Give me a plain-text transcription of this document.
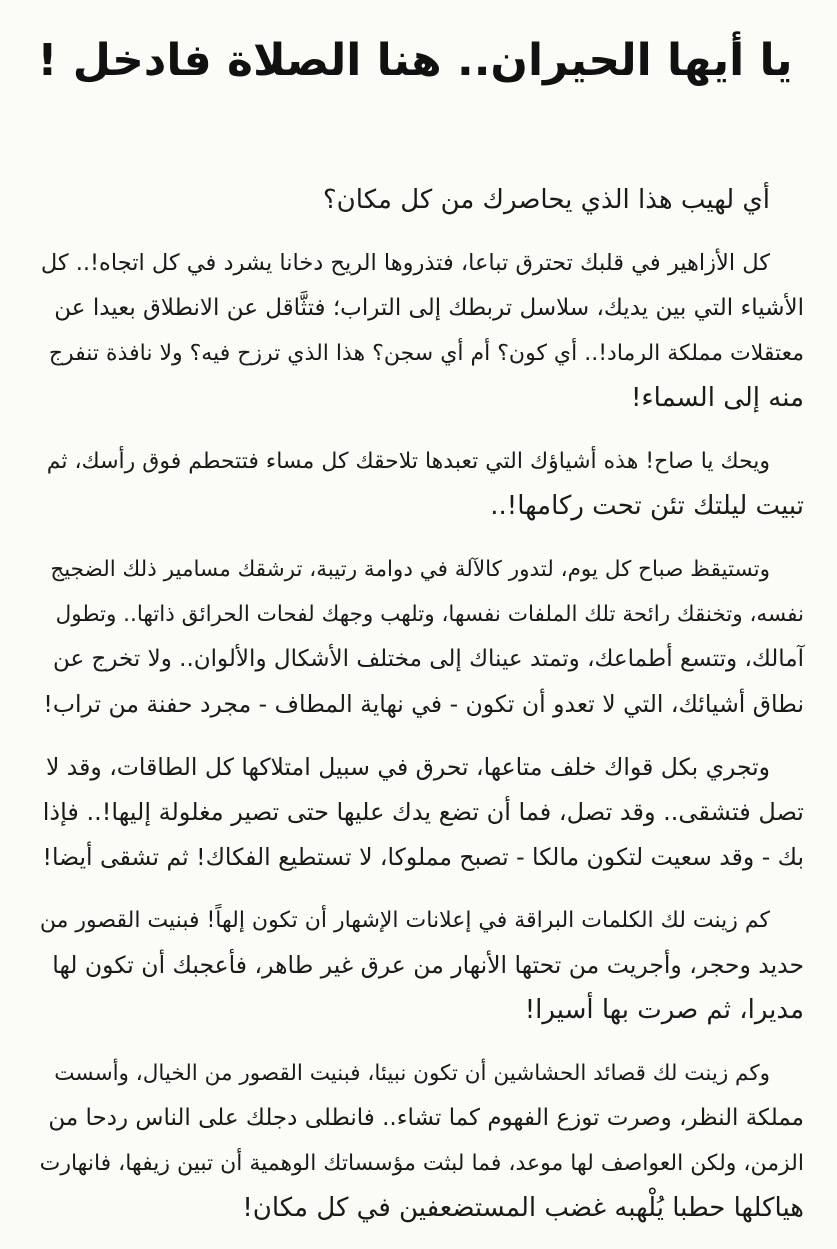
يا أيها الحيران.. هنا الصلاة فادخل !

أي لهيب هذا الذي يحاصرك من كل مكان؟

كل الأزاهير في قلبك تحترق تباعا، فتذروها الريح دخانا يشرد في كل اتجاه!.. كل
الأشياء التي بين يديك، سلاسل تربطك إلى التراب؛ فتثَّاقل عن الانطلاق بعيدا عن
معتقلات مملكة الرماد!.. أي كون؟ أم أي سجن؟ هذا الذي ترزح فيه؟ ولا نافذة تنفرج
منه إلى السماء!

ويحك يا صاح! هذه أشياؤك التي تعبدها تلاحقك كل مساء فتتحطم فوق رأسك، ثم
تبيت ليلتك تئن تحت ركامها!..

وتستيقظ صباح كل يوم، لتدور كالآلة في دوامة رتيبة، ترشقك مسامير ذلك الضجيج
نفسه، وتخنقك رائحة تلك الملفات نفسها، وتلهب وجهك لفحات الحرائق ذاتها.. وتطول
آمالك، وتتسع أطماعك، وتمتد عيناك إلى مختلف الأشكال والألوان.. ولا تخرج عن
نطاق أشيائك، التي لا تعدو أن تكون - في نهاية المطاف - مجرد حفنة من تراب!

وتجري بكل قواك خلف متاعها، تحرق في سبيل امتلاكها كل الطاقات، وقد لا
تصل فتشقى.. وقد تصل، فما أن تضع يدك عليها حتى تصير مغلولة إليها!.. فإذا
بك - وقد سعيت لتكون مالكا - تصبح مملوكا، لا تستطيع الفكاك! ثم تشقى أيضا!

كم زينت لك الكلمات البراقة في إعلانات الإشهار أن تكون إلهاً! فبنيت القصور من
حديد وحجر، وأجريت من تحتها الأنهار من عرق غير طاهر، فأعجبك أن تكون لها
مديرا، ثم صرت بها أسيرا!

وكم زينت لك قصائد الحشاشين أن تكون نبيئا، فبنيت القصور من الخيال، وأسست
مملكة النظر، وصرت توزع الفهوم كما تشاء.. فانطلى دجلك على الناس ردحا من
الزمن، ولكن العواصف لها موعد، فما لبثت مؤسساتك الوهمية أن تبين زيفها، فانهارت
هياكلها حطبا يُلْهبه غضب المستضعفين في كل مكان!
